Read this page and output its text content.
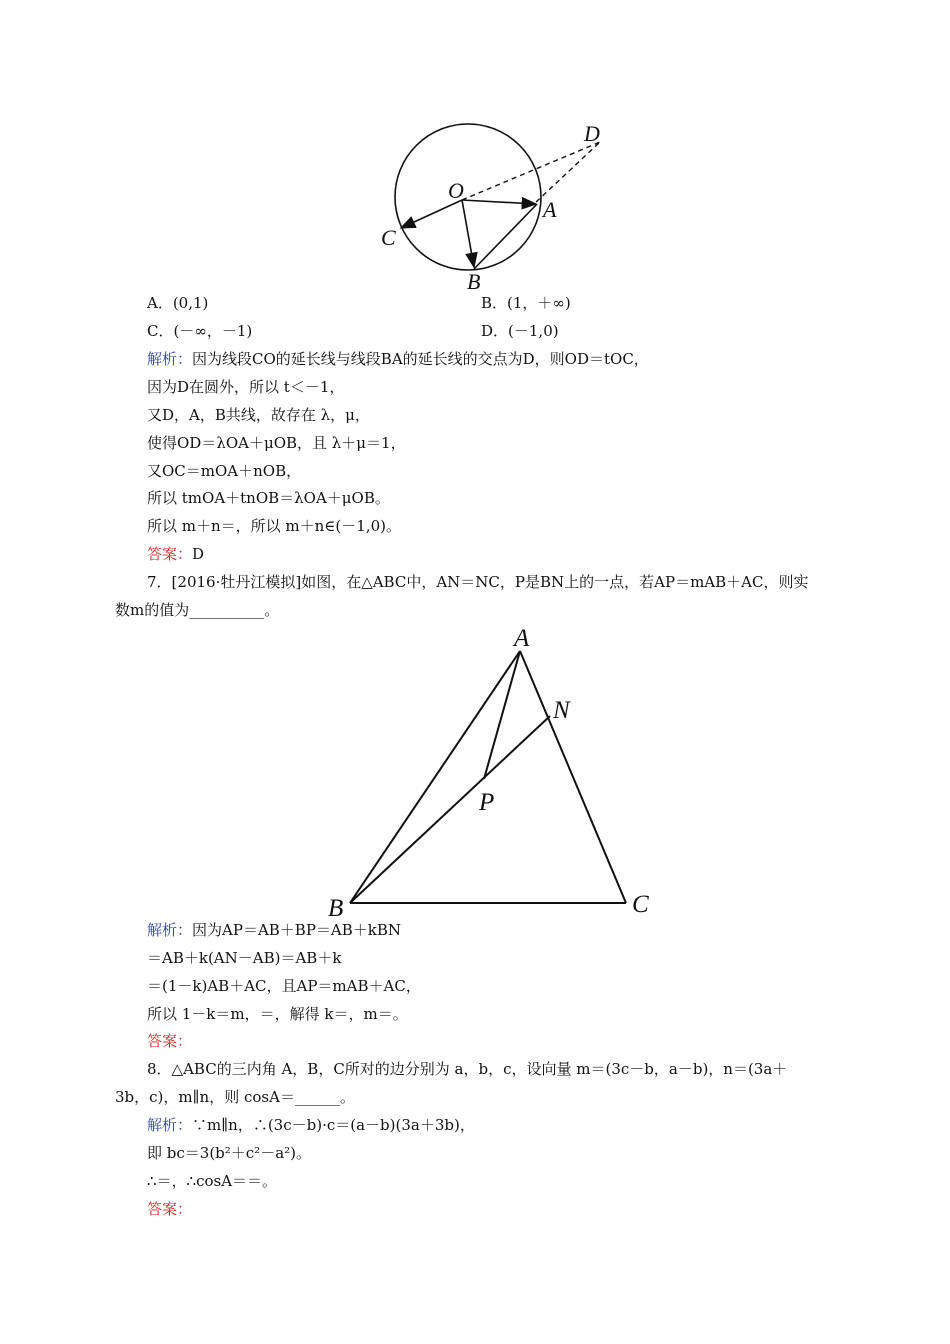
D
O
A
C
B
A．(0,1)	B．(1，＋∞)
C．(－∞，－1)	D．(－1,0)
解析：因为线段CO的延长线与线段BA的延长线的交点为D，则OD＝tOC，
因为D在圆外，所以 t＜－1，
又D，A，B共线，故存在 λ，μ，
使得OD＝λOA＋μOB，且 λ＋μ＝1，
又OC＝mOA＋nOB，
所以 tmOA＋tnOB＝λOA＋μOB。
所以 m＋n＝，所以 m＋n∈(－1,0)。
答案：D
7．[2016·牡丹江模拟]如图，在△ABC中，AN＝NC，P是BN上的一点，若AP＝mAB＋AC，则实
数m的值为__________。
A
N
P
B	C
解析：因为AP＝AB＋BP＝AB＋kBN
＝AB＋k(AN－AB)＝AB＋k
＝(1－k)AB＋AC，且AP＝mAB＋AC，
所以 1－k＝m，＝，解得 k＝，m＝。
答案：
8．△ABC的三内角 A，B，C所对的边分别为 a，b，c，设向量 m＝(3c－b，a－b)，n＝(3a＋
3b，c)，m∥n，则 cosA＝______。
解析：∵m∥n，∴(3c－b)·c＝(a－b)(3a＋3b)，
即 bc＝3(b²＋c²－a²)。
∴＝，∴cosA＝＝。
答案：
